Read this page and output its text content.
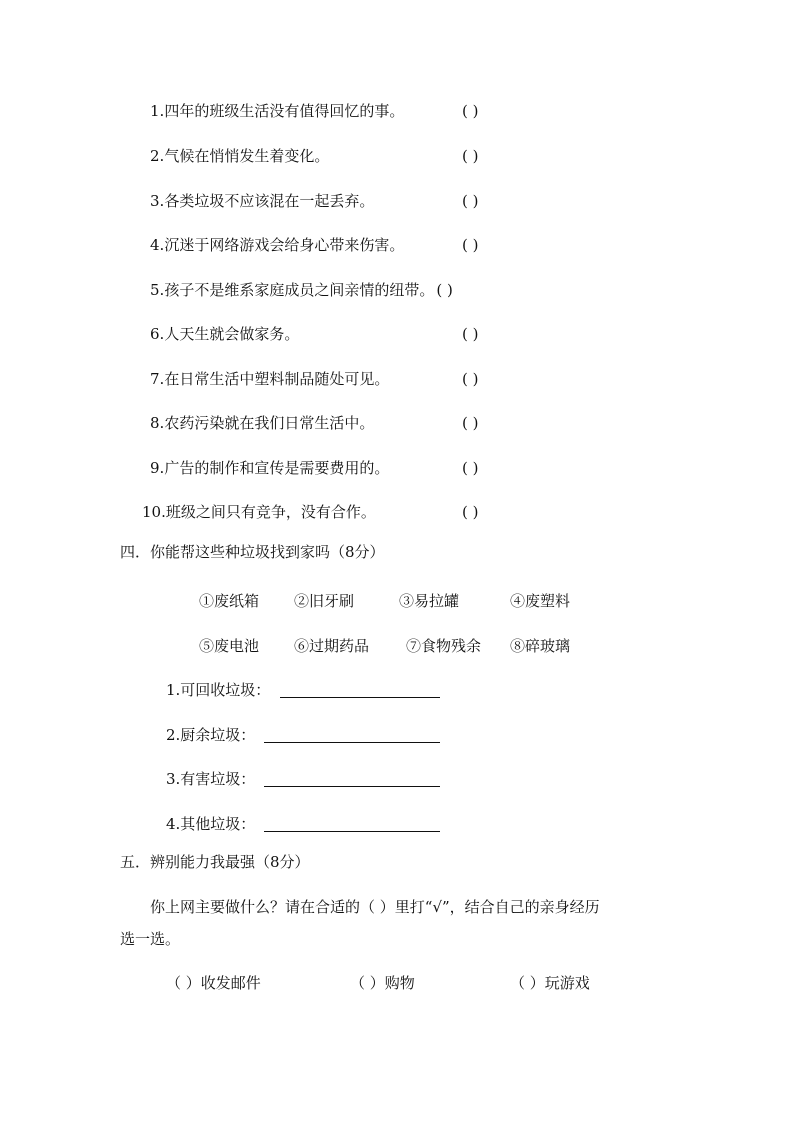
1.四年的班级生活没有值得回忆的事。	( )
2.气候在悄悄发生着变化。	( )
3.各类垃圾不应该混在一起丢弃。	( )
4.沉迷于网络游戏会给身心带来伤害。	( )
5.孩子不是维系家庭成员之间亲情的纽带。 ( )
6.人天生就会做家务。	( )
7.在日常生活中塑料制品随处可见。	( )
8.农药污染就在我们日常生活中。	( )
9.广告的制作和宣传是需要费用的。	( )
10.班级之间只有竞争，没有合作。	( )
四．你能帮这些种垃圾找到家吗（8分）
①废纸箱 ②旧牙刷	③易拉罐	④废塑料
⑤废电池 ⑥过期药品 ⑦食物残余 ⑧碎玻璃
1.可回收垃圾：
2.厨余垃圾：
3.有害垃圾：
4.其他垃圾：
五．辨别能力我最强（8分）
你上网主要做什么？请在合适的（ ）里打“√”，结合自己的亲身经历
选一选。
（ ）收发邮件	（ ）购物	（ ）玩游戏
